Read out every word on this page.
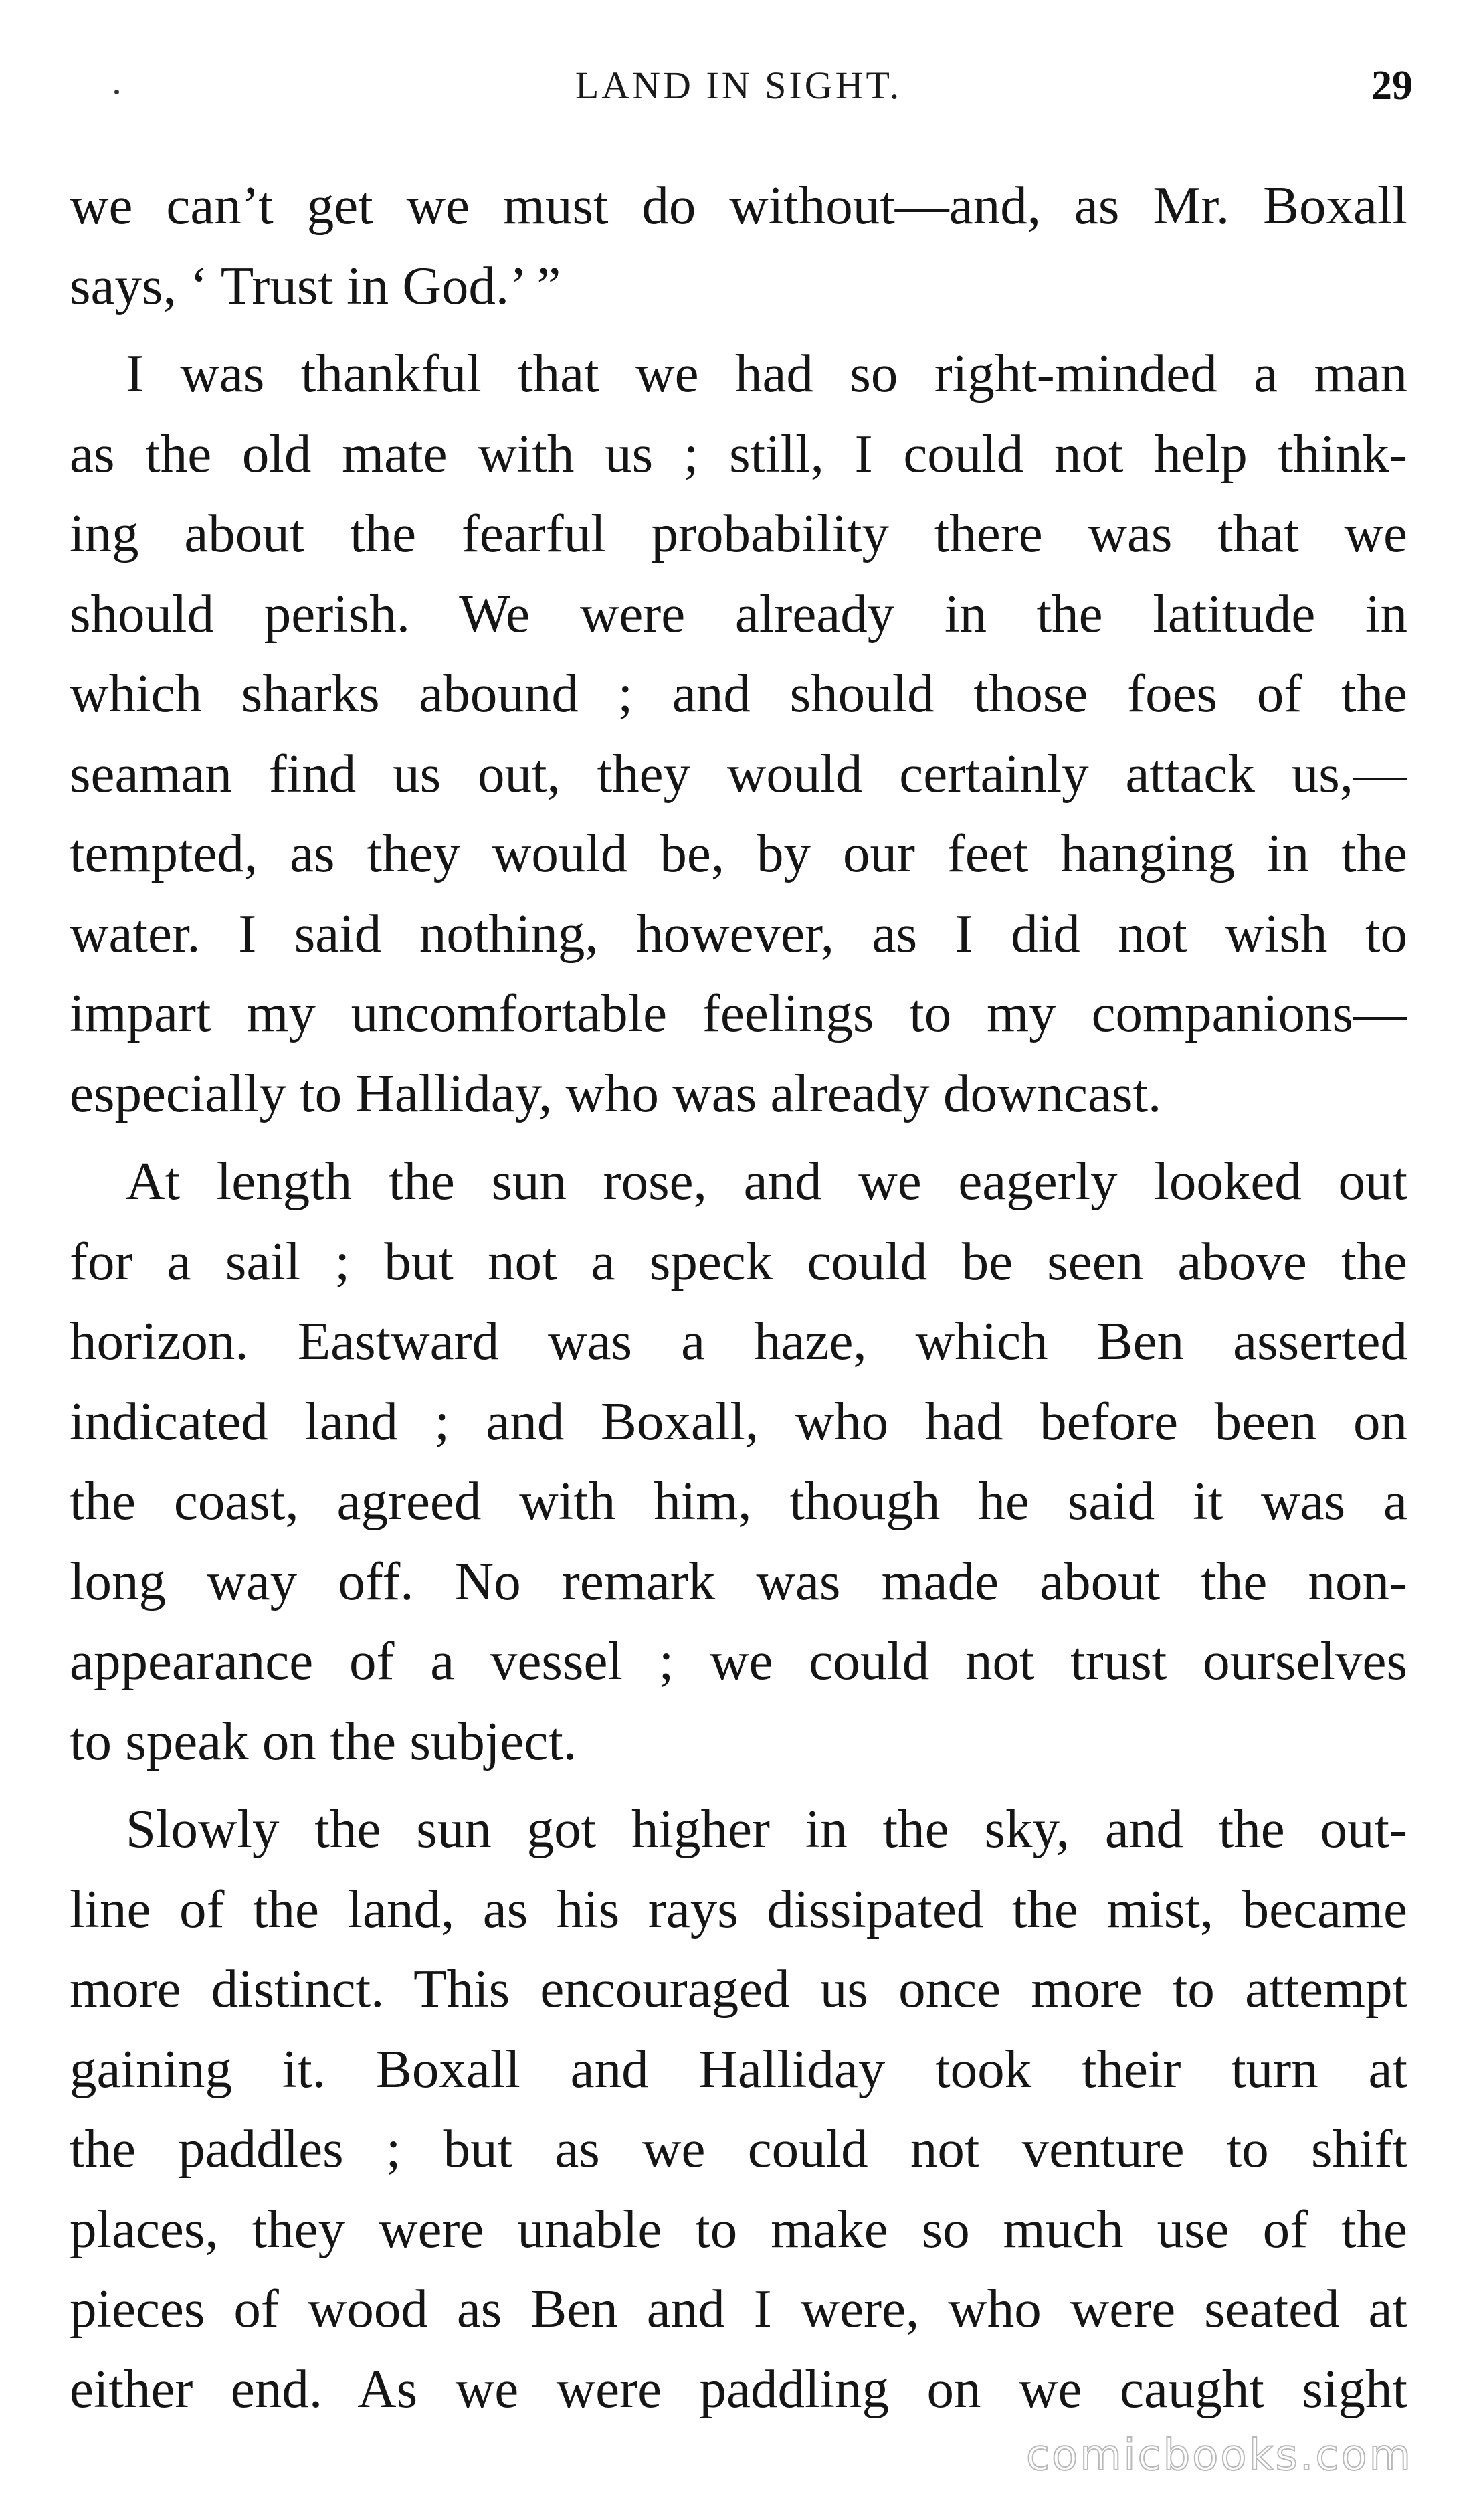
LAND IN SIGHT.	29
we can’t get we must do without—and, as Mr. Boxall
says, ‘ Trust in God.’ ”
I was thankful that we had so right-minded a man
as the old mate with us ; still, I could not help think-
ing about the fearful probability there was that we
should perish. We were already in the latitude in
which sharks abound ; and should those foes of the
seaman find us out, they would certainly attack us,—
tempted, as they would be, by our feet hanging in the
water. I said nothing, however, as I did not wish to
impart my uncomfortable feelings to my companions—
especially to Halliday, who was already downcast.
At length the sun rose, and we eagerly looked out
for a sail ; but not a speck could be seen above the
horizon. Eastward was a haze, which Ben asserted
indicated land ; and Boxall, who had before been on
the coast, agreed with him, though he said it was a
long way off. No remark was made about the non-
appearance of a vessel ; we could not trust ourselves
to speak on the subject.
Slowly the sun got higher in the sky, and the out-
line of the land, as his rays dissipated the mist, became
more distinct. This encouraged us once more to attempt
gaining it. Boxall and Halliday took their turn at
the paddles ; but as we could not venture to shift
places, they were unable to make so much use of the
pieces of wood as Ben and I were, who were seated at
either end. As we were paddling on we caught sight
comicbooks.com
